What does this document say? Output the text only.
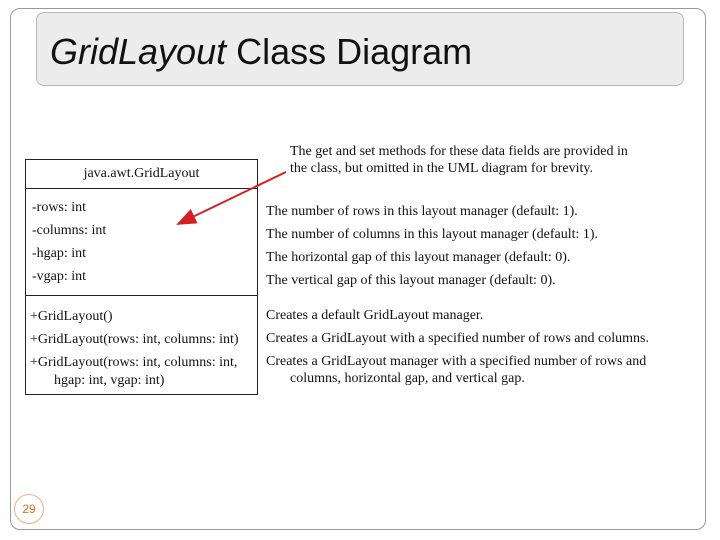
GridLayout Class Diagram
java.awt.GridLayout
-rows: int
-columns: int
-hgap: int
-vgap: int
+GridLayout()
+GridLayout(rows: int, columns: int)
+GridLayout(rows: int, columns: int,
hgap: int, vgap: int)
The get and set methods for these data fields are provided in
the class, but omitted in the UML diagram for brevity.
The number of rows in this layout manager (default: 1).
The number of columns in this layout manager (default: 1).
The horizontal gap of this layout manager (default: 0).
The vertical gap of this layout manager (default: 0).
Creates a default GridLayout manager.
Creates a GridLayout with a specified number of rows and columns.
Creates a GridLayout manager with a specified number of rows and
columns, horizontal gap, and vertical gap.
29
